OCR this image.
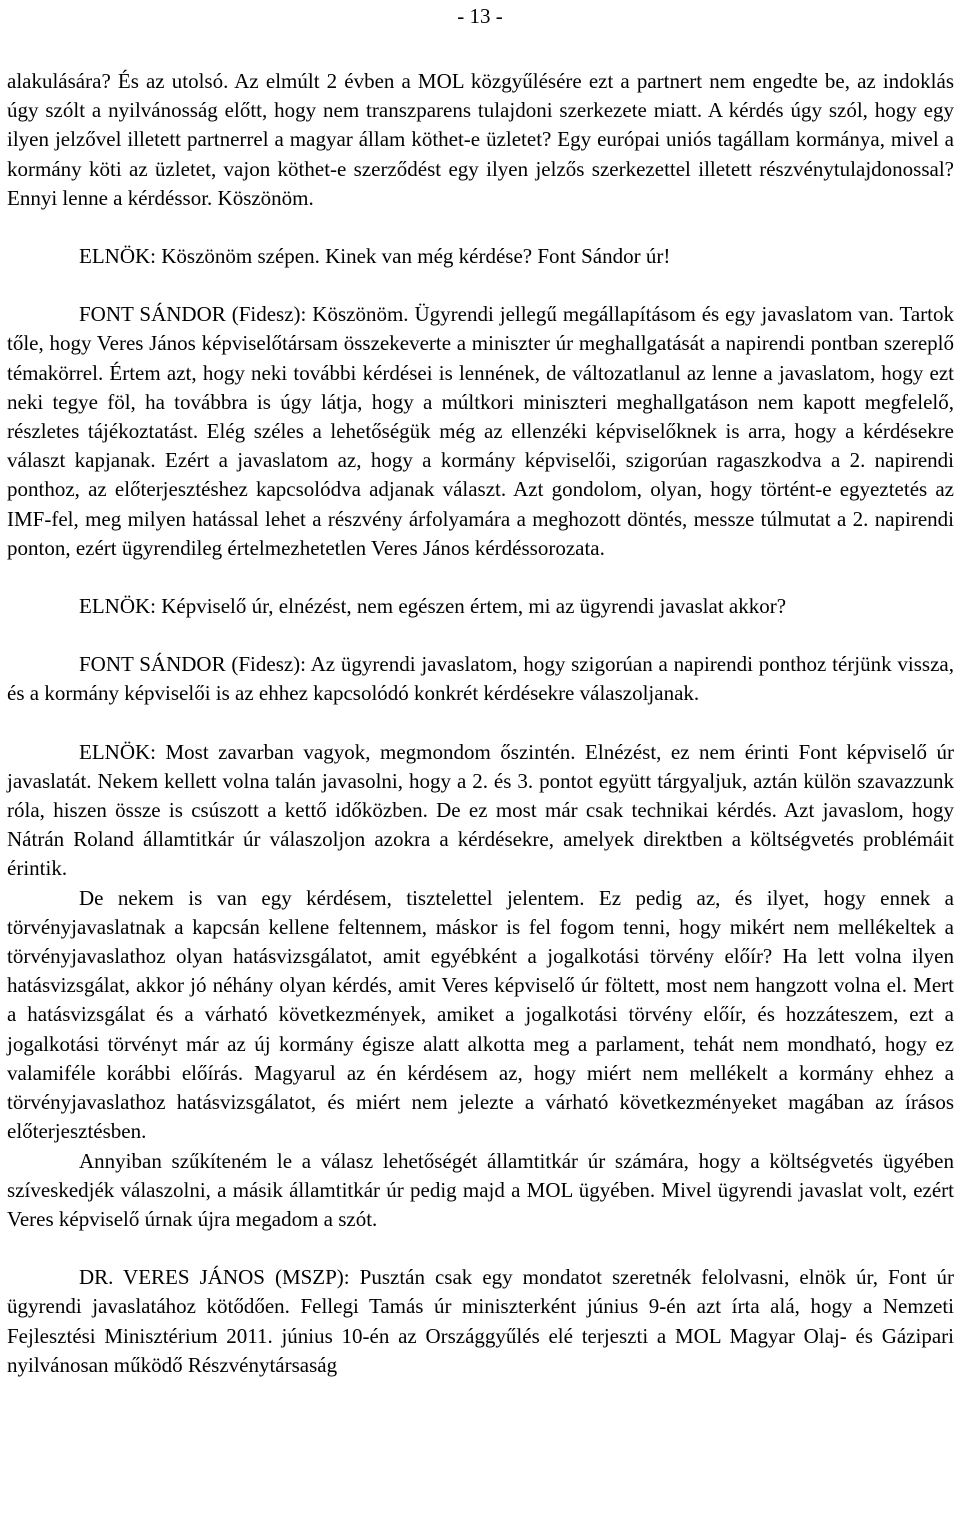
- 13 -

alakulására? És az utolsó. Az elmúlt 2 évben a MOL közgyűlésére ezt a partnert nem engedte be, az indoklás úgy szólt a nyilvánosság előtt, hogy nem transzparens tulajdoni szerkezete miatt. A kérdés úgy szól, hogy egy ilyen jelzővel illetett partnerrel a magyar állam köthet-e üzletet? Egy európai uniós tagállam kormánya, mivel a kormány köti az üzletet, vajon köthet-e szerződést egy ilyen jelzős szerkezettel illetett részvénytulajdonossal? Ennyi lenne a kérdéssor. Köszönöm.

ELNÖK: Köszönöm szépen. Kinek van még kérdése? Font Sándor úr!

FONT SÁNDOR (Fidesz): Köszönöm. Ügyrendi jellegű megállapításom és egy javaslatom van. Tartok tőle, hogy Veres János képviselőtársam összekeverte a miniszter úr meghallgatását a napirendi pontban szereplő témakörrel. Értem azt, hogy neki további kérdései is lennének, de változatlanul az lenne a javaslatom, hogy ezt neki tegye föl, ha továbbra is úgy látja, hogy a múltkori miniszteri meghallgatáson nem kapott megfelelő, részletes tájékoztatást. Elég széles a lehetőségük még az ellenzéki képviselőknek is arra, hogy a kérdésekre választ kapjanak. Ezért a javaslatom az, hogy a kormány képviselői, szigorúan ragaszkodva a 2. napirendi ponthoz, az előterjesztéshez kapcsolódva adjanak választ. Azt gondolom, olyan, hogy történt-e egyeztetés az IMF-fel, meg milyen hatással lehet a részvény árfolyamára a meghozott döntés, messze túlmutat a 2. napirendi ponton, ezért ügyrendileg értelmezhetetlen Veres János kérdéssorozata.

ELNÖK: Képviselő úr, elnézést, nem egészen értem, mi az ügyrendi javaslat akkor?

FONT SÁNDOR (Fidesz): Az ügyrendi javaslatom, hogy szigorúan a napirendi ponthoz térjünk vissza, és a kormány képviselői is az ehhez kapcsolódó konkrét kérdésekre válaszoljanak.

ELNÖK: Most zavarban vagyok, megmondom őszintén. Elnézést, ez nem érinti Font képviselő úr javaslatát. Nekem kellett volna talán javasolni, hogy a 2. és 3. pontot együtt tárgyaljuk, aztán külön szavazzunk róla, hiszen össze is csúszott a kettő időközben. De ez most már csak technikai kérdés. Azt javaslom, hogy Nátrán Roland államtitkár úr válaszoljon azokra a kérdésekre, amelyek direktben a költségvetés problémáit érintik.

De nekem is van egy kérdésem, tisztelettel jelentem. Ez pedig az, és ilyet, hogy ennek a törvényjavaslatnak a kapcsán kellene feltennem, máskor is fel fogom tenni, hogy mikért nem mellékeltek a törvényjavaslathoz olyan hatásvizsgálatot, amit egyébként a jogalkotási törvény előír? Ha lett volna ilyen hatásvizsgálat, akkor jó néhány olyan kérdés, amit Veres képviselő úr föltett, most nem hangzott volna el. Mert a hatásvizsgálat és a várható következmények, amiket a jogalkotási törvény előír, és hozzáteszem, ezt a jogalkotási törvényt már az új kormány égisze alatt alkotta meg a parlament, tehát nem mondható, hogy ez valamiféle korábbi előírás. Magyarul az én kérdésem az, hogy miért nem mellékelt a kormány ehhez a törvényjavaslathoz hatásvizsgálatot, és miért nem jelezte a várható következményeket magában az írásos előterjesztésben.

Annyiban szűkíteném le a válasz lehetőségét államtitkár úr számára, hogy a költségvetés ügyében szíveskedjék válaszolni, a másik államtitkár úr pedig majd a MOL ügyében. Mivel ügyrendi javaslat volt, ezért Veres képviselő úrnak újra megadom a szót.

DR. VERES JÁNOS (MSZP): Pusztán csak egy mondatot szeretnék felolvasni, elnök úr, Font úr ügyrendi javaslatához kötődően. Fellegi Tamás úr miniszterként június 9-én azt írta alá, hogy a Nemzeti Fejlesztési Minisztérium 2011. június 10-én az Országgyűlés elé terjeszti a MOL Magyar Olaj- és Gázipari nyilvánosan működő Részvénytársaság
